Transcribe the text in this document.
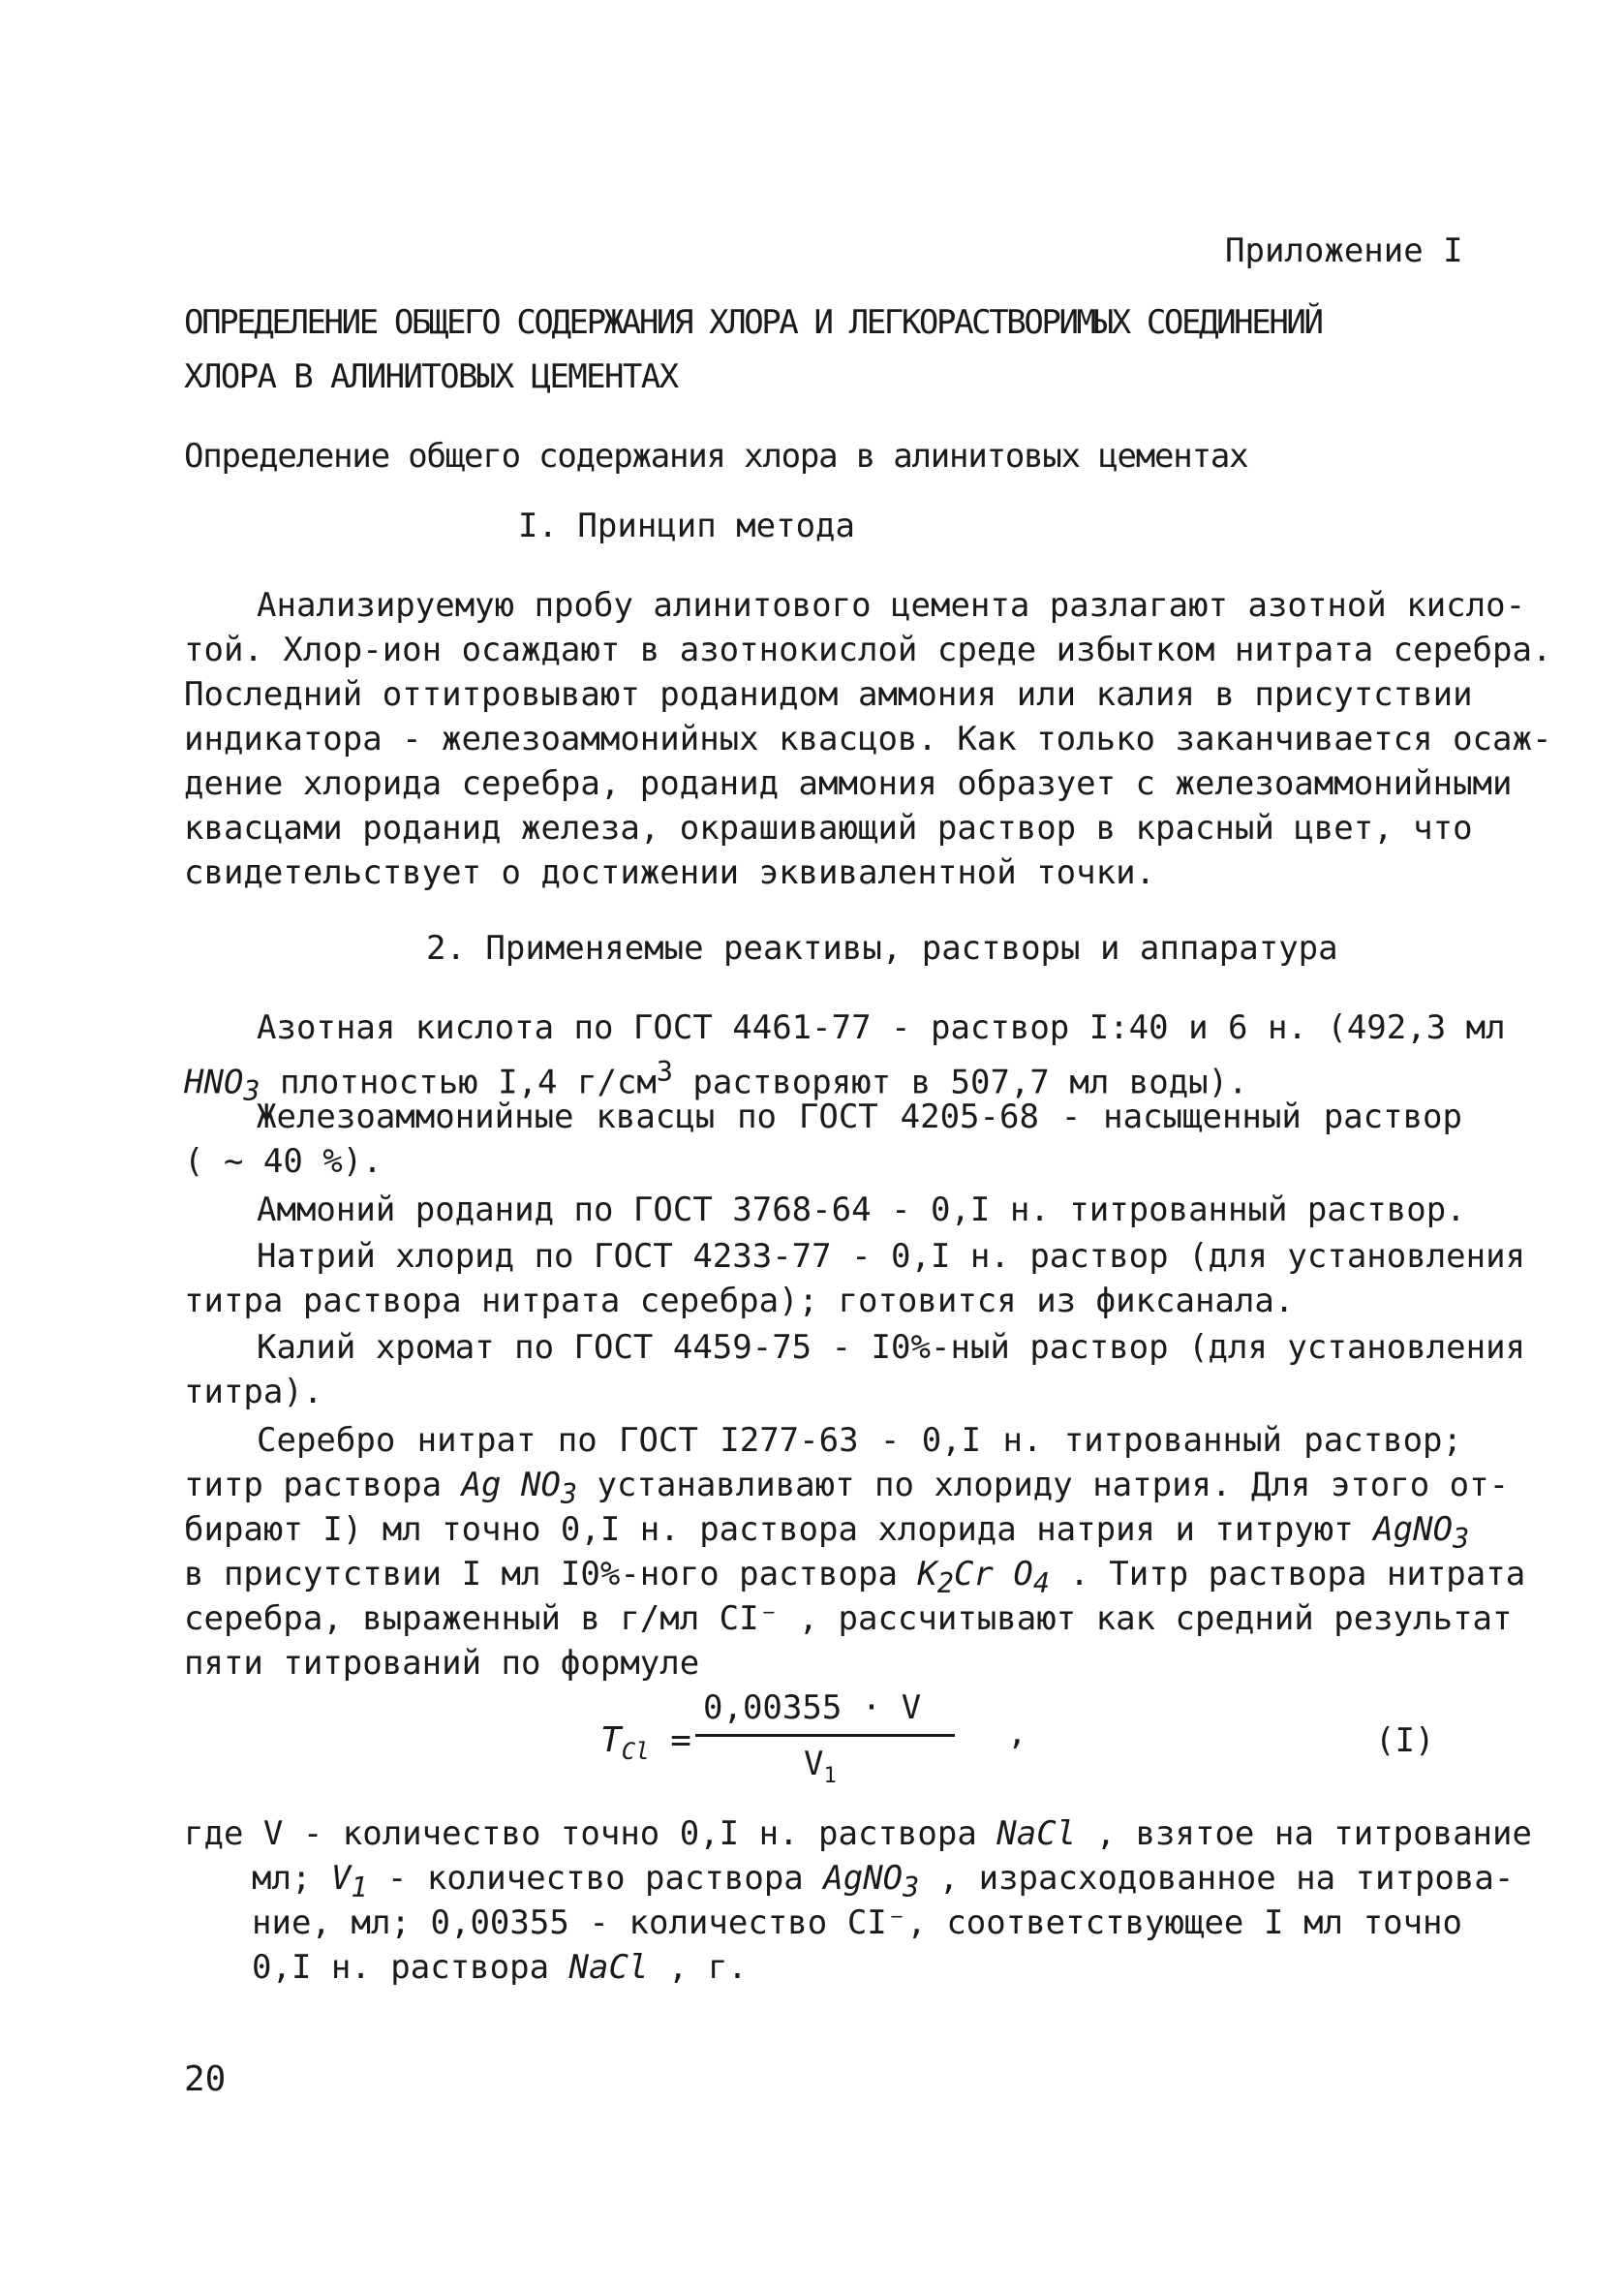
Приложение I
ОПРЕДЕЛЕНИЕ ОБЩЕГО СОДЕРЖАНИЯ ХЛОРА И ЛЕГКОРАСТВОРИМЫХ СОЕДИНЕНИЙ
ХЛОРА В АЛИНИТОВЫХ ЦЕМЕНТАХ
Определение общего содержания хлора в алинитовых цементах
I. Принцип метода
Анализируемую пробу алинитового цемента разлагают азотной кисло-
той. Хлор-ион осаждают в азотнокислой среде избытком нитрата серебра.
Последний оттитровывают роданидом аммония или калия в присутствии
индикатора - железоаммонийных квасцов. Как только заканчивается осаж-
дение хлорида серебра, роданид аммония образует с железоаммонийными
квасцами роданид железа, окрашивающий раствор в красный цвет, что
свидетельствует о достижении эквивалентной точки.
2. Применяемые реактивы, растворы и аппаратура
Азотная кислота по ГОСТ 4461-77 - раствор I:40 и 6 н. (492,3 мл
$HNO_3$ плотностью I,4 $г/см^3$ растворяют в 507,7 мл воды).
Железоаммонийные квасцы по ГОСТ 4205-68 - насыщенный раствор
( ~ 40 %).
Аммоний роданид по ГОСТ 3768-64 - 0,I н. титрованный раствор.
Натрий хлорид по ГОСТ 4233-77 - 0,I н. раствор (для установления
титра раствора нитрата серебра); готовится из фиксанала.
Калий хромат по ГОСТ 4459-75 - I0%-ный раствор (для установления
титра).
Серебро нитрат по ГОСТ I277-63 - 0,I н. титрованный раствор;
титр раствора Ag $NO_3$ устанавливают по хлориду натрия. Для этого от-
бирают I) мл точно 0,I н. раствора хлорида натрия и титруют AgNO$_3$
в присутствии I мл I0%-ного раствора $K_2Cr$ $O_4$ . Титр раствора нитрата
серебра, выраженный в г/мл CI⁻ , рассчитывают как средний результат
пяти титрований по формуле
$T_{Cl}$ =
0,00355 · V
$V_1$
,	(I)
где V - количество точно 0,I н. раствора NaCl , взятое на титрование
мл; $V_1$ - количество раствора AgNO$_3$ , израсходованное на титрова-
ние, мл; 0,00355 - количество CI⁻, соответствующее I мл точно
0,I н. раствора NaCl , г.
20
